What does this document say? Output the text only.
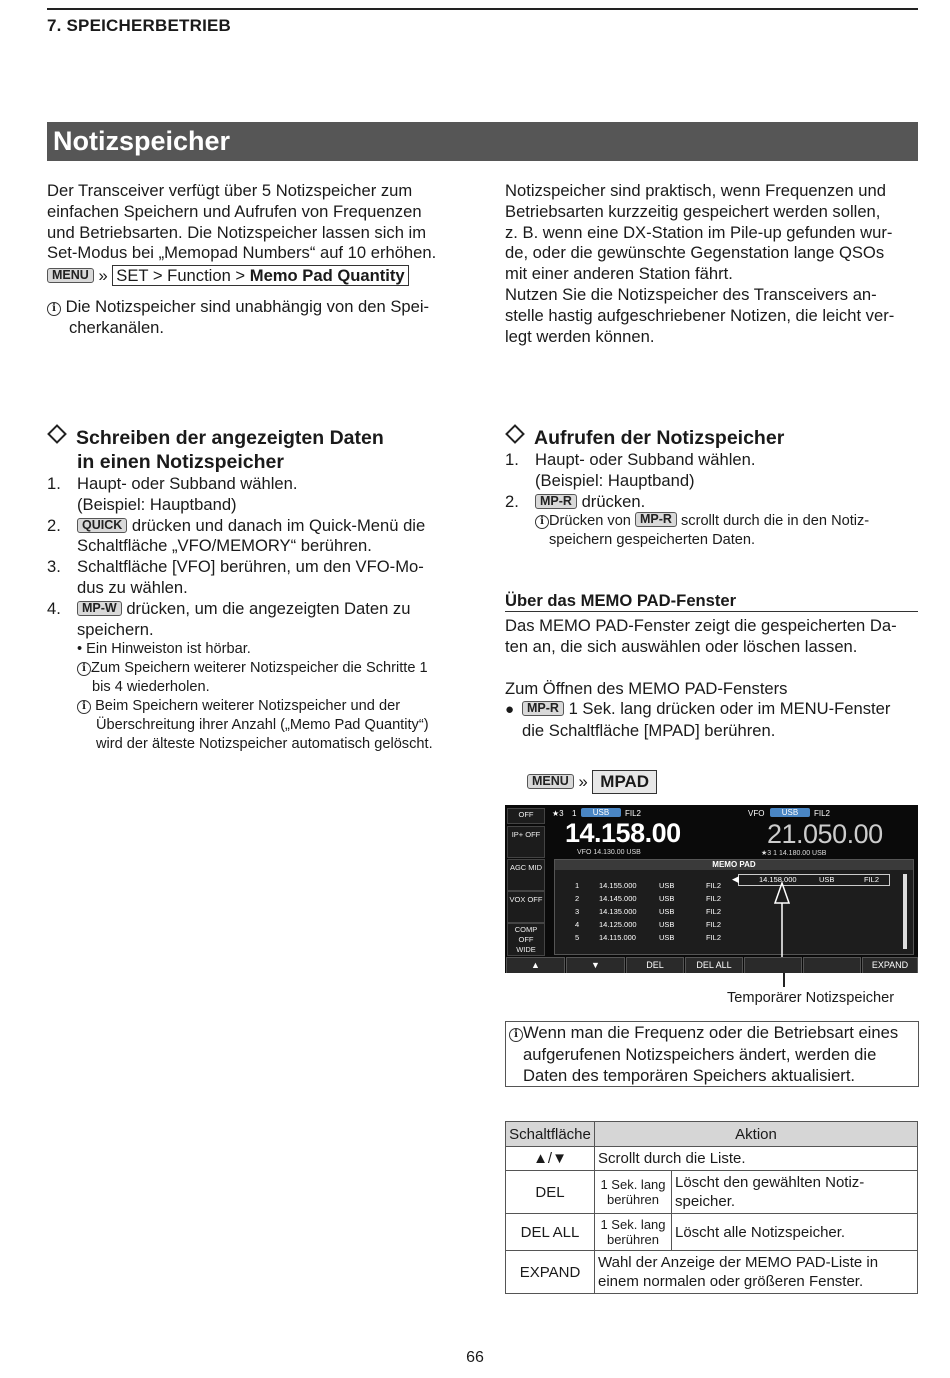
7. SPEICHERBETRIEB
Notizspeicher
Der Transceiver verfügt über 5 Notizspeicher zum
einfachen Speichern und Aufrufen von Frequenzen
und Betriebsarten. Die Notizspeicher lassen sich im
Set-Modus bei „Memopad Numbers“ auf 10 erhöhen.
MENU » SET > Function > Memo Pad Quantity
i Die Notizspeicher sind unabhängig von den Spei-
cherkanälen.
Notizspeicher sind praktisch, wenn Frequenzen und
Betriebsarten kurzzeitig gespeichert werden sollen,
z. B. wenn eine DX-Station im Pile-up gefunden wur-
de, oder die gewünschte Gegenstation lange QSOs
mit einer anderen Station fährt.
Nutzen Sie die Notizspeicher des Transceivers an-
stelle hastig aufgeschriebener Notizen, die leicht ver-
legt werden können.
Schreiben der angezeigten Daten
in einen Notizspeicher
1. Haupt- oder Subband wählen.
(Beispiel: Hauptband)
2. QUICK drücken und danach im Quick-Menü die
Schaltfläche „VFO/MEMORY“ berühren.
3. Schaltfläche [VFO] berühren, um den VFO-Mo-
dus zu wählen.
4. MP-W drücken, um die angezeigten Daten zu
speichern.
• Ein Hinweiston ist hörbar.
i Zum Speichern weiterer Notizspeicher die Schritte 1
bis 4 wiederholen.
i Beim Speichern weiterer Notizspeicher und der
Überschreitung ihrer Anzahl („Memo Pad Quantity“)
wird der älteste Notizspeicher automatisch gelöscht.
Aufrufen der Notizspeicher
1. Haupt- oder Subband wählen.
(Beispiel: Hauptband)
2. MP-R drücken.
i Drücken von MP-R scrollt durch die in den Notiz-
speichern gespeicherten Daten.
Über das MEMO PAD-Fenster
Das MEMO PAD-Fenster zeigt die gespeicherten Da-
ten an, die sich auswählen oder löschen lassen.
Zum Öffnen des MEMO PAD-Fensters
● MP-R 1 Sek. lang drücken oder im MENU-Fenster
die Schaltfläche [MPAD] berühren.
MENU » MPAD
OFF
IP+ OFF
AGC MID
VOX OFF
COMP OFF WIDE
★3 1	USB	FIL2
14.158.00
VFO 14.130.00 USB
VFO	USB	FIL2
21.050.00
★3 1 14.180.00 USB
MEMO PAD
◀	14.158.000	USB	FIL2
1	14.155.000	USB	FIL2
2	14.145.000	USB	FIL2
3	14.135.000	USB	FIL2
4	14.125.000	USB	FIL2
5	14.115.000	USB	FIL2
▲	▼	DEL	DEL ALL	EXPAND
Temporärer Notizspeicher
i Wenn man die Frequenz oder die Betriebsart eines
aufgerufenen Notizspeichers ändert, werden die
Daten des temporären Speichers aktualisiert.
Schaltfläche	Aktion	
▲/▼	Scrollt durch die Liste.	
DEL	1 Sek. lang berühren	Löscht den gewählten Notiz-speicher.
DEL ALL	1 Sek. lang berühren	Löscht alle Notizspeicher.
EXPAND	Wahl der Anzeige der MEMO PAD-Liste in einem normalen oder größeren Fenster.	
66
